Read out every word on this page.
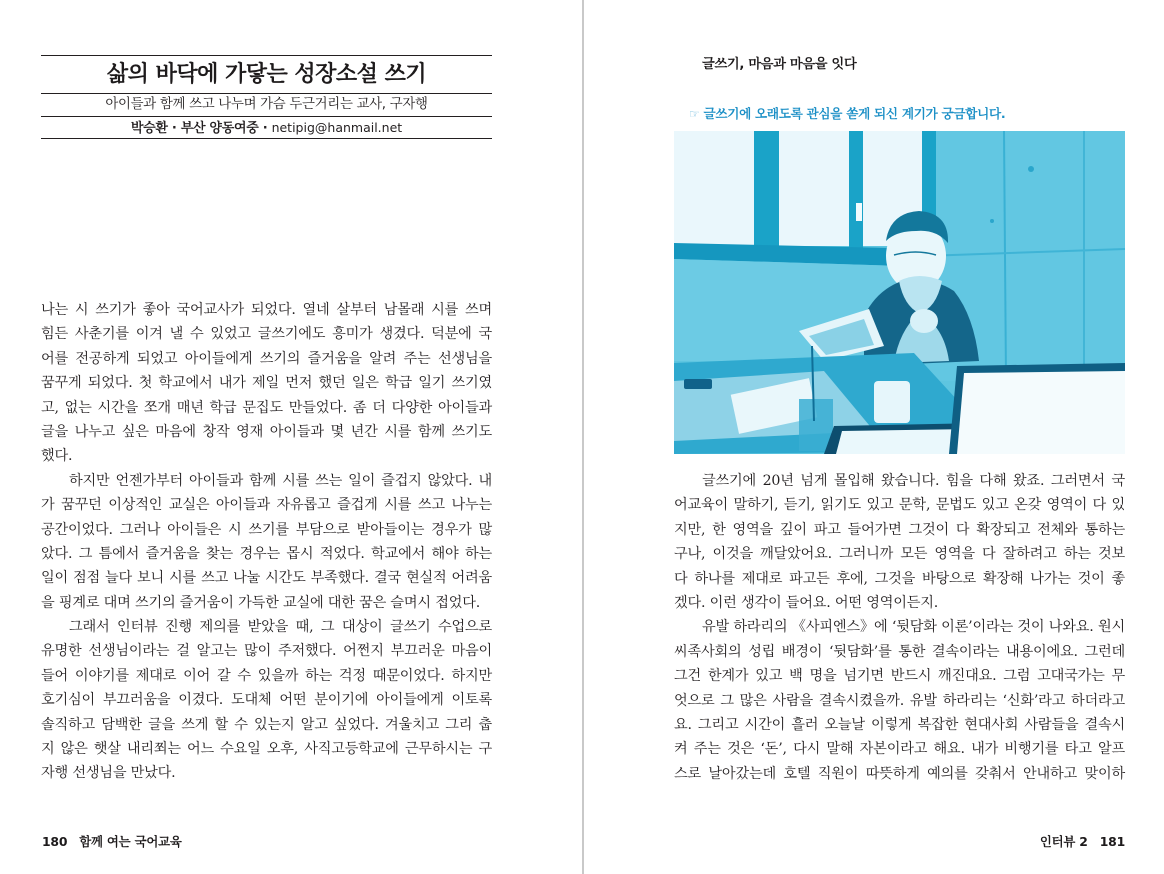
삶의 바닥에 가닿는 성장소설 쓰기
아이들과 함께 쓰고 나누며 가슴 두근거리는 교사, 구자행
박승환 · 부산 양동여중 · netipig@hanmail.net
나는 시 쓰기가 좋아 국어교사가 되었다. 열네 살부터 남몰래 시를 쓰며
힘든 사춘기를 이겨 낼 수 있었고 글쓰기에도 흥미가 생겼다. 덕분에 국
어를 전공하게 되었고 아이들에게 쓰기의 즐거움을 알려 주는 선생님을
꿈꾸게 되었다. 첫 학교에서 내가 제일 먼저 했던 일은 학급 일기 쓰기였
고, 없는 시간을 쪼개 매년 학급 문집도 만들었다. 좀 더 다양한 아이들과
글을 나누고 싶은 마음에 창작 영재 아이들과 몇 년간 시를 함께 쓰기도
했다.
하지만 언젠가부터 아이들과 함께 시를 쓰는 일이 즐겁지 않았다. 내
가 꿈꾸던 이상적인 교실은 아이들과 자유롭고 즐겁게 시를 쓰고 나누는
공간이었다. 그러나 아이들은 시 쓰기를 부담으로 받아들이는 경우가 많
았다. 그 틈에서 즐거움을 찾는 경우는 몹시 적었다. 학교에서 해야 하는
일이 점점 늘다 보니 시를 쓰고 나눌 시간도 부족했다. 결국 현실적 어려움
을 핑계로 대며 쓰기의 즐거움이 가득한 교실에 대한 꿈은 슬며시 접었다.
그래서 인터뷰 진행 제의를 받았을 때, 그 대상이 글쓰기 수업으로
유명한 선생님이라는 걸 알고는 많이 주저했다. 어쩐지 부끄러운 마음이
들어 이야기를 제대로 이어 갈 수 있을까 하는 걱정 때문이었다. 하지만
호기심이 부끄러움을 이겼다. 도대체 어떤 분이기에 아이들에게 이토록
솔직하고 담백한 글을 쓰게 할 수 있는지 알고 싶었다. 겨울치고 그리 춥
지 않은 햇살 내리쬐는 어느 수요일 오후, 사직고등학교에 근무하시는 구
자행 선생님을 만났다.
180 함께 여는 국어교육
글쓰기, 마음과 마음을 잇다
☞ 글쓰기에 오래도록 관심을 쏟게 되신 계기가 궁금합니다.
글쓰기에 20년 넘게 몰입해 왔습니다. 힘을 다해 왔죠. 그러면서 국
어교육이 말하기, 듣기, 읽기도 있고 문학, 문법도 있고 온갖 영역이 다 있
지만, 한 영역을 깊이 파고 들어가면 그것이 다 확장되고 전체와 통하는
구나, 이것을 깨달았어요. 그러니까 모든 영역을 다 잘하려고 하는 것보
다 하나를 제대로 파고든 후에, 그것을 바탕으로 확장해 나가는 것이 좋
겠다. 이런 생각이 들어요. 어떤 영역이든지.
유발 하라리의 《사피엔스》에 ‘뒷담화 이론’이라는 것이 나와요. 원시
씨족사회의 성립 배경이 ‘뒷담화’를 통한 결속이라는 내용이에요. 그런데
그건 한계가 있고 백 명을 넘기면 반드시 깨진대요. 그럼 고대국가는 무
엇으로 그 많은 사람을 결속시켰을까. 유발 하라리는 ‘신화’라고 하더라고
요. 그리고 시간이 흘러 오늘날 이렇게 복잡한 현대사회 사람들을 결속시
켜 주는 것은 ‘돈’, 다시 말해 자본이라고 해요. 내가 비행기를 타고 알프
스로 날아갔는데 호텔 직원이 따뜻하게 예의를 갖춰서 안내하고 맞이하
인터뷰 2 181
